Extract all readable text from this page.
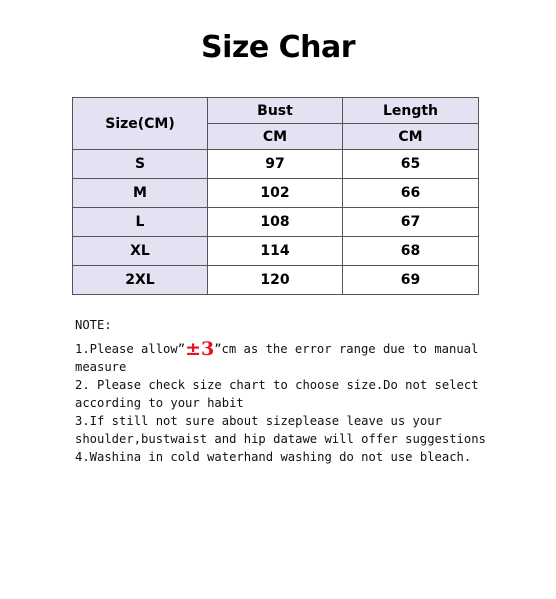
Size Char
Size(CM)	Bust	Length
	CM	CM
S	97	65
M	102	66
L	108	67
XL	114	68
2XL	120	69

NOTE:

1.Please allow”±3”cm as the error range due to manual measure

2. Please check size chart to choose size.Do not select according to your habit

3.If still not sure about sizeplease leave us your shoulder,bustwaist and hip datawe will offer suggestions

4.Washina in cold waterhand washing do not use bleach.
